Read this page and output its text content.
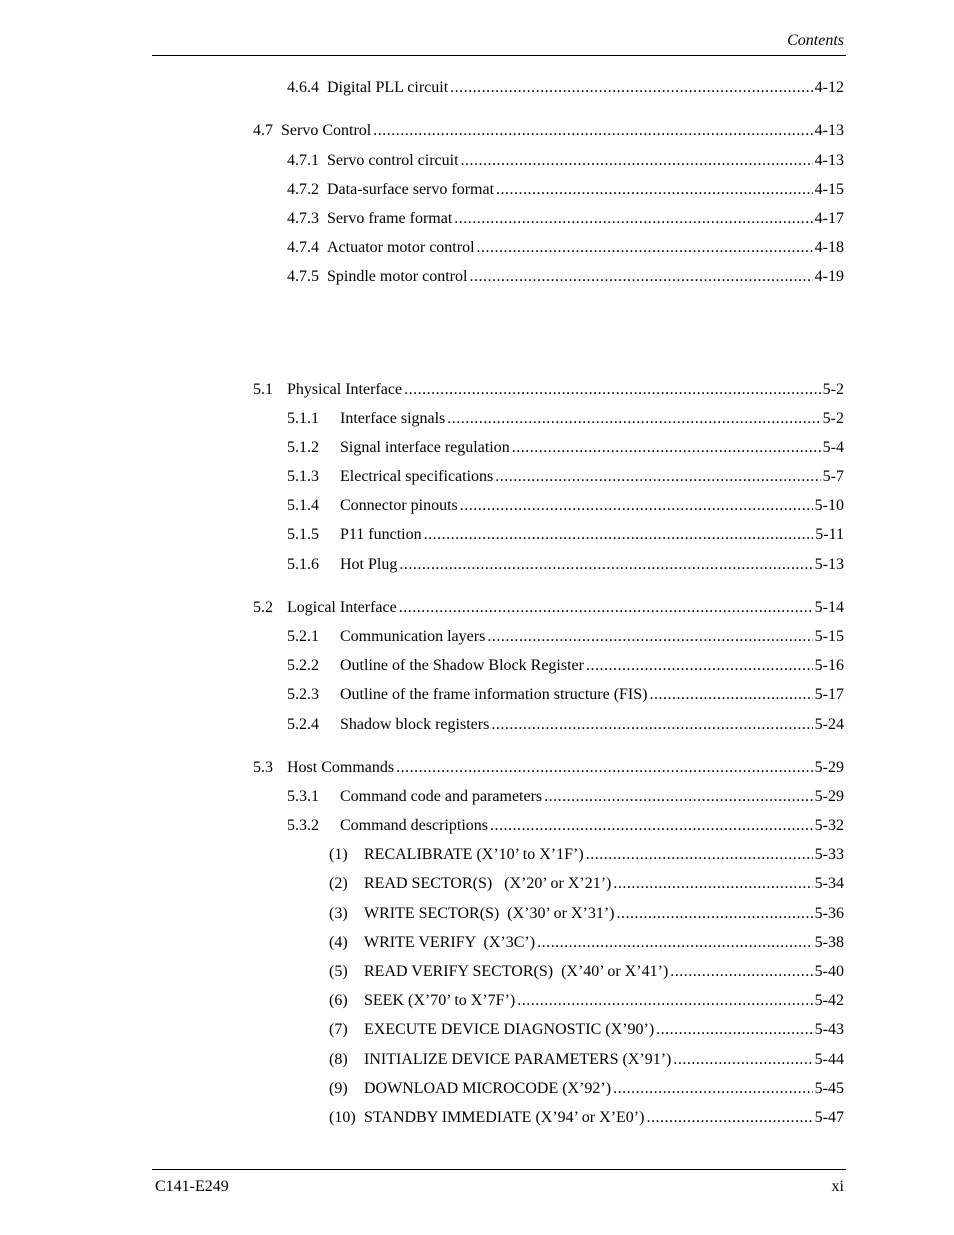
Contents
4.6.4 Digital PLL circuit .....	4-12
4.7 Servo Control .....	4-13
4.7.1 Servo control circuit .....	4-13
4.7.2 Data-surface servo format .....	4-15
4.7.3 Servo frame format .....	4-17
4.7.4 Actuator motor control .....	4-18
4.7.5 Spindle motor control .....	4-19
5.1 Physical Interface .....	5-2
5.1.1	Interface signals .....	5-2
5.1.2	Signal interface regulation .....	5-4
5.1.3	Electrical specifications .....	5-7
5.1.4	Connector pinouts .....	5-10
5.1.5	P11 function .....	5-11
5.1.6	Hot Plug .....	5-13
5.2 Logical Interface .....	5-14
5.2.1	Communication layers .....	5-15
5.2.2	Outline of the Shadow Block Register .....	5-16
5.2.3	Outline of the frame information structure (FIS) .....	5-17
5.2.4	Shadow block registers .....	5-24
5.3 Host Commands .....	5-29
5.3.1	Command code and parameters .....	5-29
5.3.2	Command descriptions .....	5-32
(1)	RECALIBRATE (X’10’ to X’1F’) .....	5-33
(2)	READ SECTOR(S)   (X’20’ or X’21’) .....	5-34
(3)	WRITE SECTOR(S)  (X’30’ or X’31’) .....	5-36
(4)	WRITE VERIFY  (X’3C’) .....	5-38
(5)	READ VERIFY SECTOR(S)  (X’40’ or X’41’) .....	5-40
(6)	SEEK (X’70’ to X’7F’) .....	5-42
(7)	EXECUTE DEVICE DIAGNOSTIC (X’90’) .....	5-43
(8)	INITIALIZE DEVICE PARAMETERS (X’91’) .....	5-44
(9)	DOWNLOAD MICROCODE (X’92’) .....	5-45
(10) STANDBY IMMEDIATE (X’94’ or X’E0’) .....	5-47
C141-E249	xi
